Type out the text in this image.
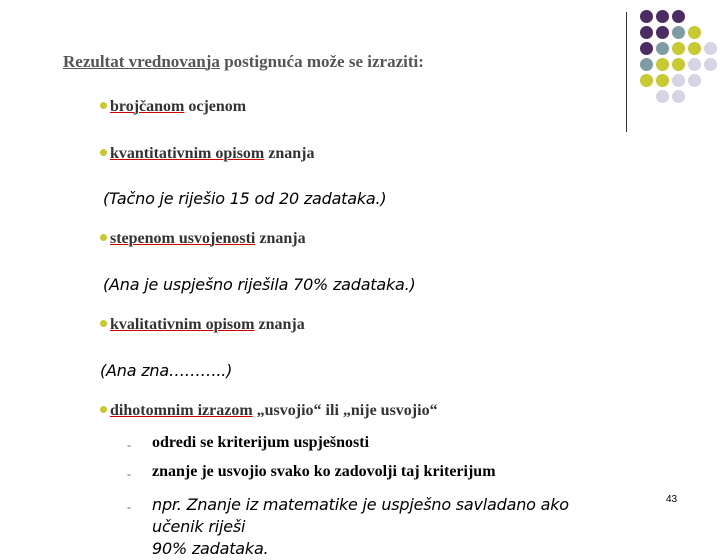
Rezultat vrednovanja postignuća može se izraziti:
brojčanom ocjenom
kvantitativnim opisom znanja
(Tačno je riješio 15 od 20 zadataka.)
stepenom usvojenosti znanja
(Ana je uspješno riješila 70% zadataka.)
kvalitativnim opisom znanja
(Ana zna………..)
dihotomnim izrazom „usvojio“ ili „nije usvojio“
- odredi se kriterijum uspješnosti
- znanje je usvojio svako ko zadovolji taj kriterijum
- npr. Znanje iz matematike je uspješno savladano ako učenik riješi
90% zadataka.
43
